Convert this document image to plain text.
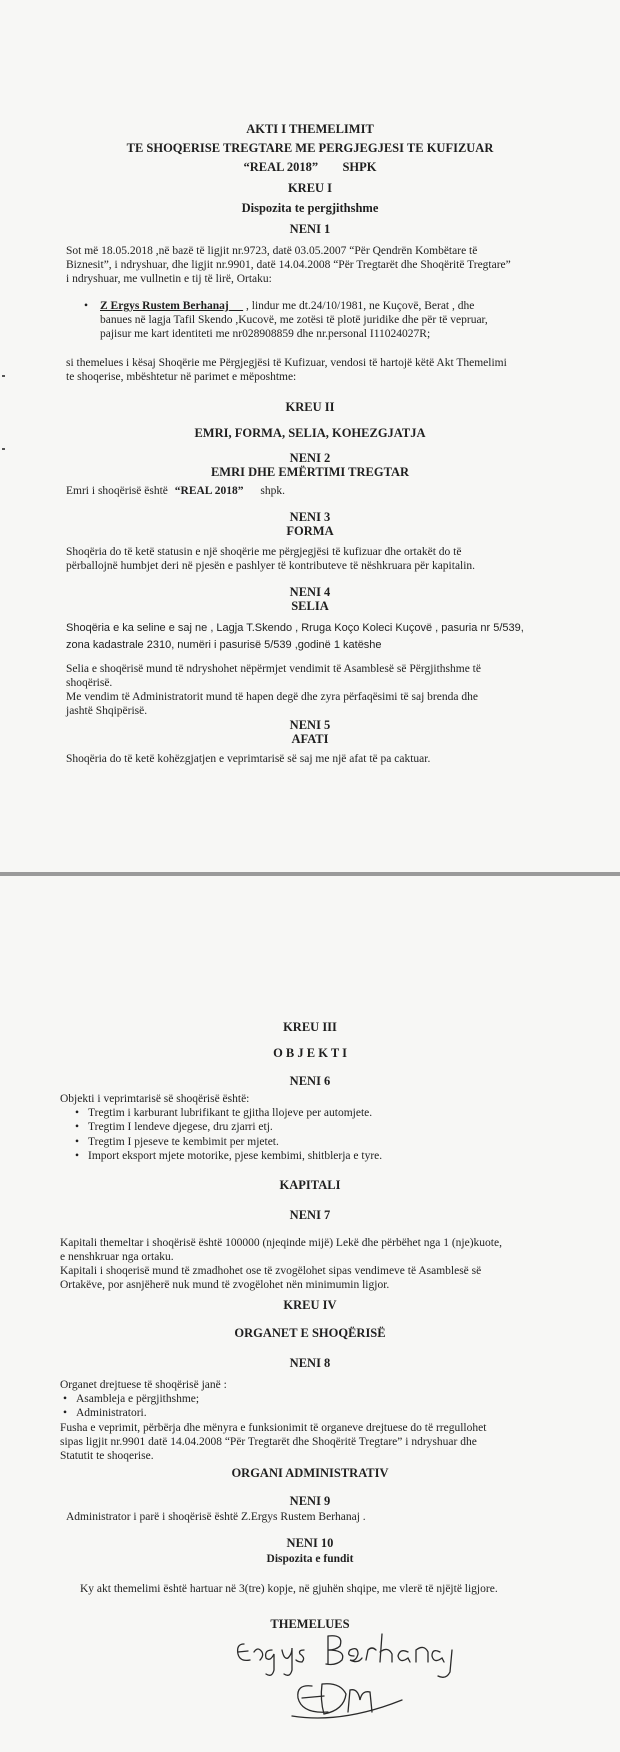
AKTI I THEMELIMIT
TE SHOQERISE TREGTARE ME PERGJEGJESI TE KUFIZUAR
“REAL 2018” SHPK
KREU I
Dispozita te pergjithshme
NENI 1
Sot më 18.05.2018 ,në bazë të ligjit nr.9723, datë 03.05.2007 “Për Qendrën Kombëtare të
Biznesit”, i ndryshuar, dhe ligjit nr.9901, datë 14.04.2008 “Për Tregtarët dhe Shoqëritë Tregtare”
i ndryshuar, me vullnetin e tij të lirë, Ortaku:
• Z Ergys Rustem Berhanaj , lindur me dt.24/10/1981, ne Kuçovë, Berat , dhe
banues në lagja Tafil Skendo ,Kucovë, me zotësi të plotë juridike dhe për të vepruar,
pajisur me kart identiteti me nr028908859 dhe nr.personal I11024027R;
si themelues i kësaj Shoqërie me Përgjegjësi të Kufizuar, vendosi të hartojë këtë Akt Themelimi
te shoqerise, mbështetur në parimet e mëposhtme:
KREU II
EMRI, FORMA, SELIA, KOHEZGJATJA
NENI 2
EMRI DHE EMËRTIMI TREGTAR
Emri i shoqërisë është “REAL 2018” shpk.
NENI 3
FORMA
Shoqëria do të ketë statusin e një shoqërie me përgjegjësi të kufizuar dhe ortakët do të
përballojnë humbjet deri në pjesën e pashlyer të kontributeve të nëshkruara për kapitalin.
NENI 4
SELIA
Shoqëria e ka seline e saj ne , Lagja T.Skendo , Rruga Koço Koleci Kuçovë , pasuria nr 5/539,
zona kadastrale 2310, numëri i pasurisë 5/539 ,godinë 1 katëshe
Selia e shoqërisë mund të ndryshohet nëpërmjet vendimit të Asamblesë së Përgjithshme të
shoqërisë.
Me vendim të Administratorit mund të hapen degë dhe zyra përfaqësimi të saj brenda dhe
jashtë Shqipërisë.
NENI 5
AFATI
Shoqëria do të ketë kohëzgjatjen e veprimtarisë së saj me një afat të pa caktuar.
KREU III
O B J E K T I
NENI 6
Objekti i veprimtarisë së shoqërisë është:
• Tregtim i karburant lubrifikant te gjitha llojeve per automjete.
• Tregtim I lendeve djegese, dru zjarri etj.
• Tregtim I pjeseve te kembimit per mjetet.
• Import eksport mjete motorike, pjese kembimi, shitblerja e tyre.
KAPITALI
NENI 7
Kapitali themeltar i shoqërisë është 100000 (njeqinde mijë) Lekë dhe përbëhet nga 1 (nje)kuote,
e nenshkruar nga ortaku.
Kapitali i shoqerisë mund të zmadhohet ose të zvogëlohet sipas vendimeve të Asamblesë së
Ortakëve, por asnjëherë nuk mund të zvogëlohet nën minimumin ligjor.
KREU IV
ORGANET E SHOQËRISË
NENI 8
Organet drejtuese të shoqërisë janë :
• Asambleja e përgjithshme;
• Administratori.
Fusha e veprimit, përbërja dhe mënyra e funksionimit të organeve drejtuese do të rregullohet
sipas ligjit nr.9901 datë 14.04.2008 “Për Tregtarët dhe Shoqëritë Tregtare” i ndryshuar dhe
Statutit te shoqerise.
ORGANI ADMINISTRATIV
NENI 9
Administrator i parë i shoqërisë është Z.Ergys Rustem Berhanaj .
NENI 10
Dispozita e fundit
Ky akt themelimi është hartuar në 3(tre) kopje, në gjuhën shqipe, me vlerë të njëjtë ligjore.
THEMELUES
